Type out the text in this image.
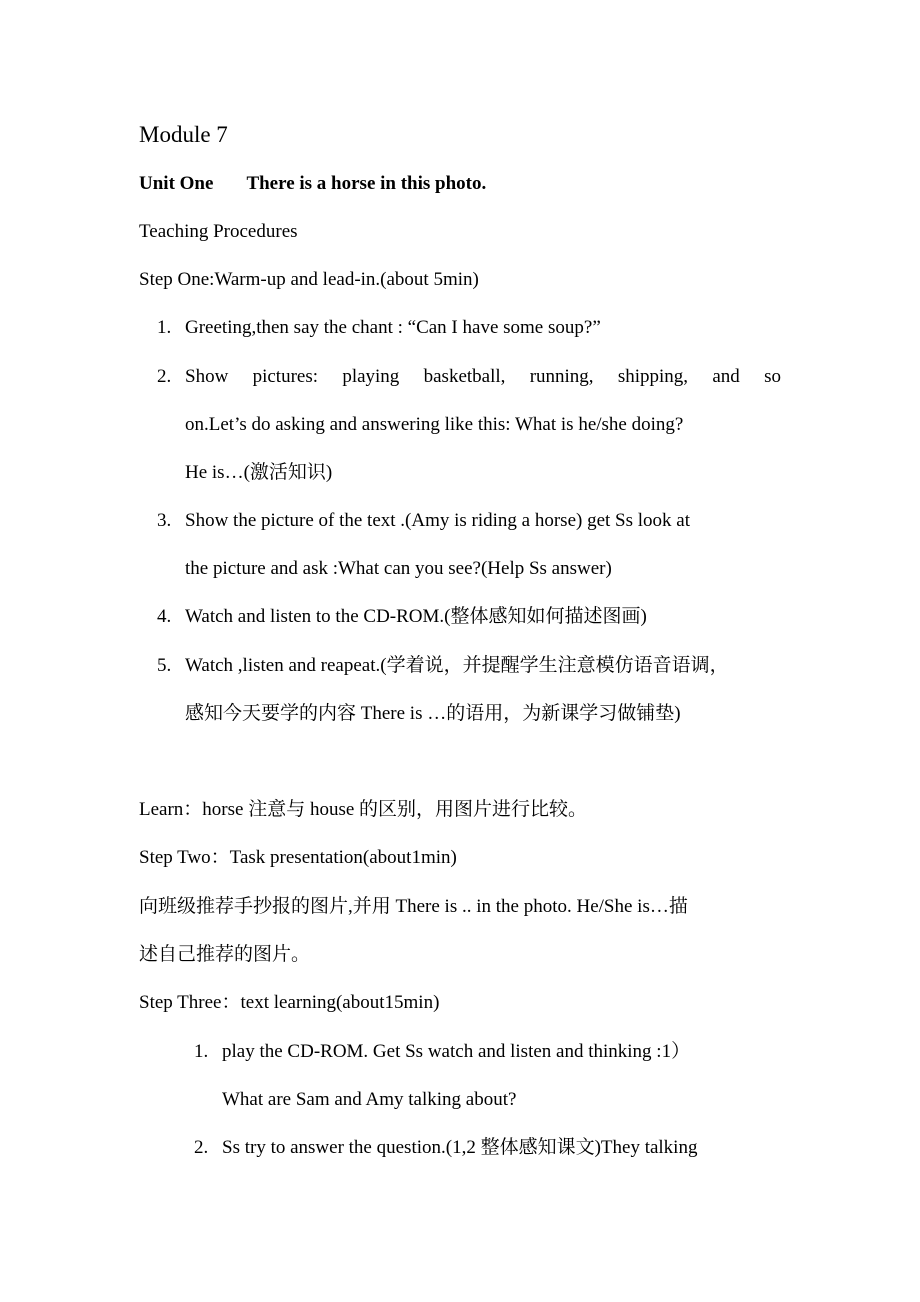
Module 7
Unit One There is a horse in this photo.
Teaching Procedures
Step One:Warm-up and lead-in.(about 5min)
1. Greeting,then say the chant : “Can I have some soup?”
2. Show pictures: playing basketball, running, shipping, and so
on.Let’s do asking and answering like this: What is he/she doing?
He is…(激活知识)
3. Show the picture of the text .(Amy is riding a horse) get Ss look at
the picture and ask :What can you see?(Help Ss answer)
4. Watch and listen to the CD-ROM.(整体感知如何描述图画)
5. Watch ,listen and reapeat.(学着说，并提醒学生注意模仿语音语调，
感知今天要学的内容 There is …的语用，为新课学习做铺垫)
Learn：horse 注意与 house 的区别，用图片进行比较。
Step Two：Task presentation(about1min)
向班级推荐手抄报的图片,并用 There is .. in the photo. He/She is…描
述自己推荐的图片。
Step Three：text learning(about15min)
1. play the CD-ROM. Get Ss watch and listen and thinking :1）
What are Sam and Amy talking about?
2. Ss try to answer the question.(1,2 整体感知课文)They talking
